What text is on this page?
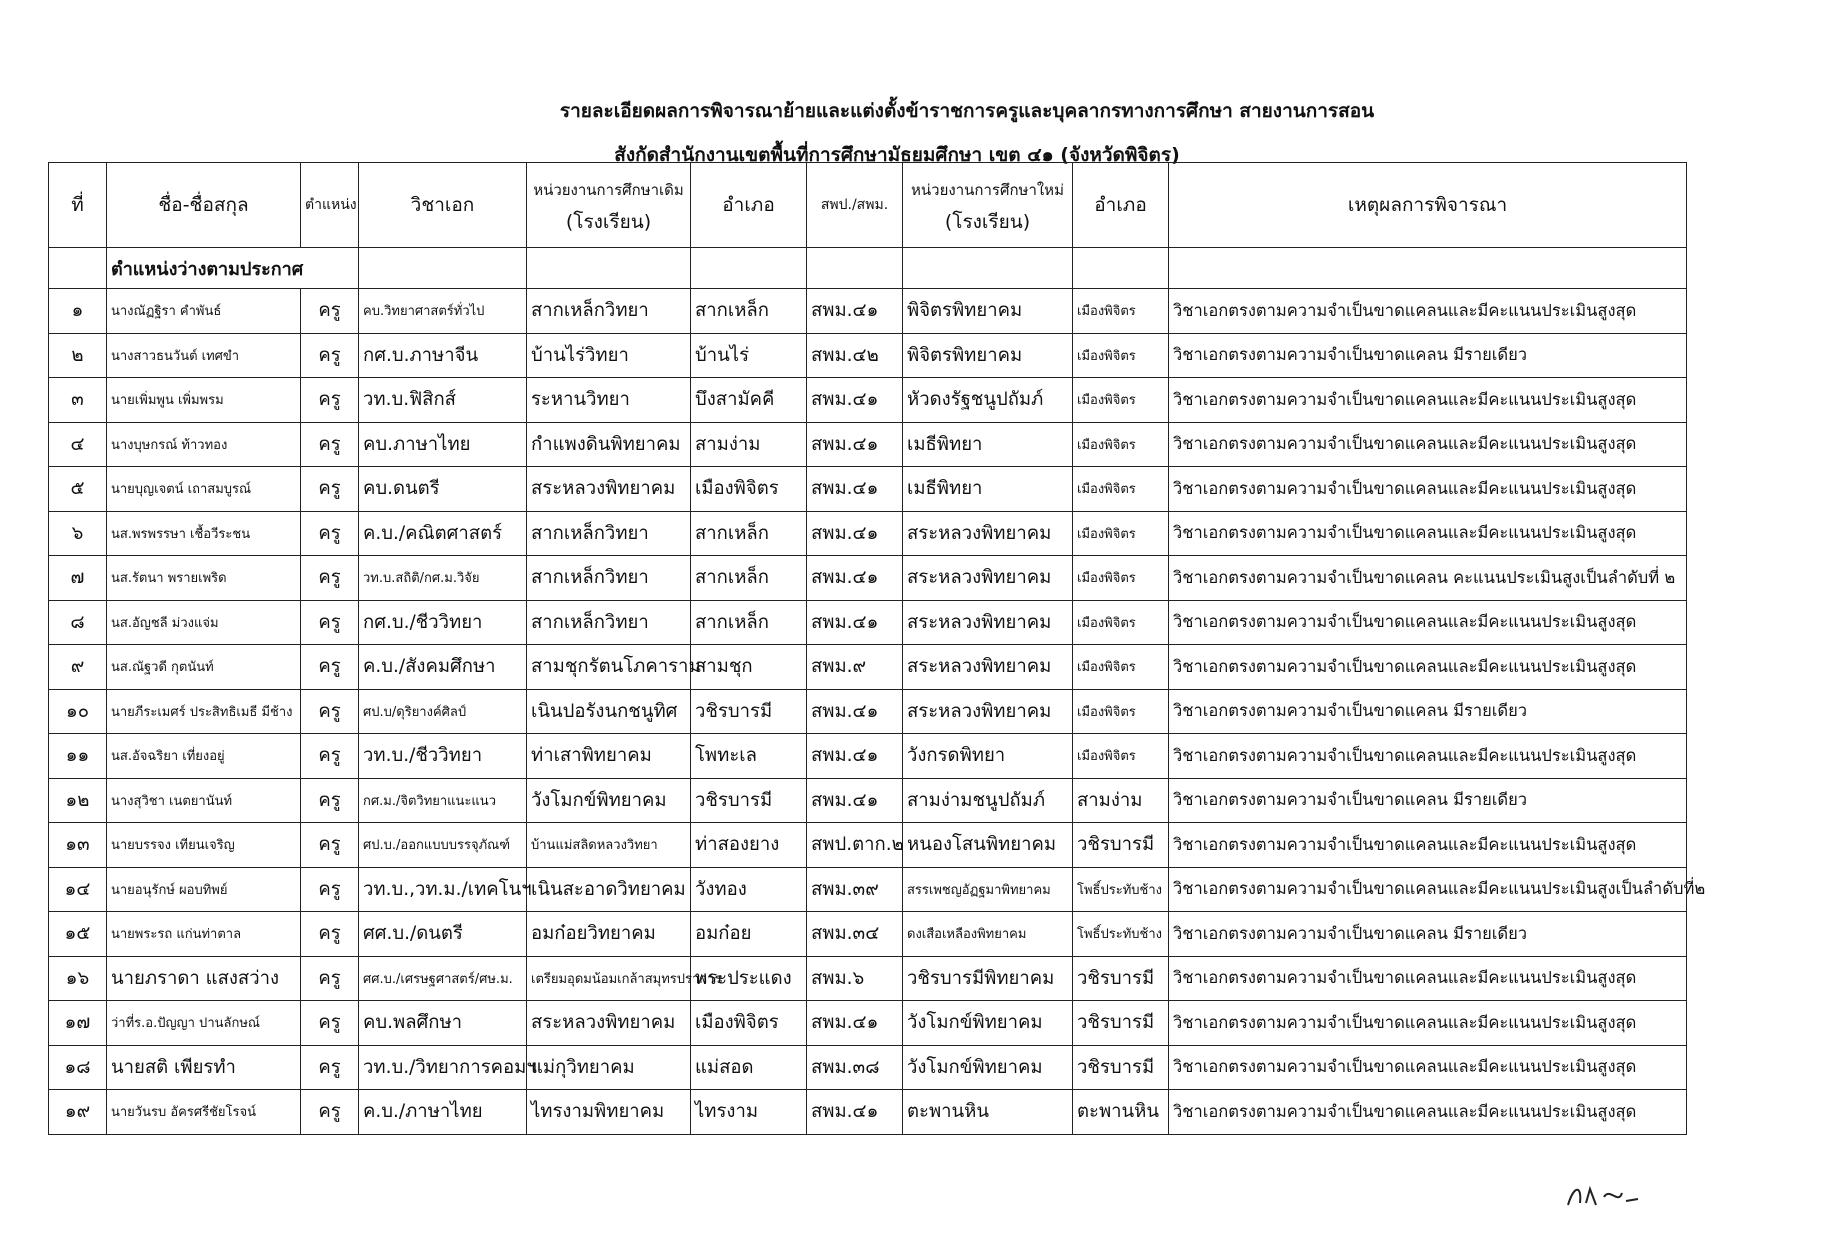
รายละเอียดผลการพิจารณาย้ายและแต่งตั้งข้าราชการครูและบุคลากรทางการศึกษา สายงานการสอน
สังกัดสำนักงานเขตพื้นที่การศึกษามัธยมศึกษา เขต ๔๑ (จังหวัดพิจิตร)
ที่	ชื่อ-ชื่อสกุล	ตำแหน่ง	วิชาเอก	หน่วยงานการศึกษาเดิม
(โรงเรียน)	อำเภอ	สพป./สพม.	หน่วยงานการศึกษาใหม่
(โรงเรียน)	อำเภอ	เหตุผลการพิจารณา
	ตำแหน่งว่างตามประกาศ								
๑	นางณัฏฐิรา คำพันธ์	ครู	คบ.วิทยาศาสตร์ทั่วไป	สากเหล็กวิทยา	สากเหล็ก	สพม.๔๑	พิจิตรพิทยาคม	เมืองพิจิตร	วิชาเอกตรงตามความจำเป็นขาดแคลนและมีคะแนนประเมินสูงสุด
๒	นางสาวธนวันต์ เทศขำ	ครู	กศ.บ.ภาษาจีน	บ้านไร่วิทยา	บ้านไร่	สพม.๔๒	พิจิตรพิทยาคม	เมืองพิจิตร	วิชาเอกตรงตามความจำเป็นขาดแคลน มีรายเดียว
๓	นายเพิ่มพูน เพิ่มพรม	ครู	วท.บ.ฟิสิกส์	ระหานวิทยา	บึงสามัคคี	สพม.๔๑	หัวดงรัฐชนูปถัมภ์	เมืองพิจิตร	วิชาเอกตรงตามความจำเป็นขาดแคลนและมีคะแนนประเมินสูงสุด
๔	นางบุษกรณ์ ท้าวทอง	ครู	คบ.ภาษาไทย	กำแพงดินพิทยาคม	สามง่าม	สพม.๔๑	เมธีพิทยา	เมืองพิจิตร	วิชาเอกตรงตามความจำเป็นขาดแคลนและมีคะแนนประเมินสูงสุด
๕	นายบุญเจตน์ เถาสมบูรณ์	ครู	คบ.ดนตรี	สระหลวงพิทยาคม	เมืองพิจิตร	สพม.๔๑	เมธีพิทยา	เมืองพิจิตร	วิชาเอกตรงตามความจำเป็นขาดแคลนและมีคะแนนประเมินสูงสุด
๖	นส.พรพรรษา เชื้อวีระชน	ครู	ค.บ./คณิตศาสตร์	สากเหล็กวิทยา	สากเหล็ก	สพม.๔๑	สระหลวงพิทยาคม	เมืองพิจิตร	วิชาเอกตรงตามความจำเป็นขาดแคลนและมีคะแนนประเมินสูงสุด
๗	นส.รัตนา พรายเพริด	ครู	วท.บ.สถิติ/กศ.ม.วิจัย	สากเหล็กวิทยา	สากเหล็ก	สพม.๔๑	สระหลวงพิทยาคม	เมืองพิจิตร	วิชาเอกตรงตามความจำเป็นขาดแคลน คะแนนประเมินสูงเป็นลำดับที่ ๒
๘	นส.อัญชลี ม่วงแจ่ม	ครู	กศ.บ./ชีววิทยา	สากเหล็กวิทยา	สากเหล็ก	สพม.๔๑	สระหลวงพิทยาคม	เมืองพิจิตร	วิชาเอกตรงตามความจำเป็นขาดแคลนและมีคะแนนประเมินสูงสุด
๙	นส.ณัฐวดี กุตนันท์	ครู	ค.บ./สังคมศึกษา	สามชุกรัตนโภคาราม	สามชุก	สพม.๙	สระหลวงพิทยาคม	เมืองพิจิตร	วิชาเอกตรงตามความจำเป็นขาดแคลนและมีคะแนนประเมินสูงสุด
๑๐	นายภีระเมศร์ ประสิทธิเมธี มีช้าง	ครู	ศป.บ/ดุริยางค์ศิลป์	เนินปอรังนกชนูทิศ	วชิรบารมี	สพม.๔๑	สระหลวงพิทยาคม	เมืองพิจิตร	วิชาเอกตรงตามความจำเป็นขาดแคลน มีรายเดียว
๑๑	นส.อัจฉริยา เที่ยงอยู่	ครู	วท.บ./ชีววิทยา	ท่าเสาพิทยาคม	โพทะเล	สพม.๔๑	วังกรดพิทยา	เมืองพิจิตร	วิชาเอกตรงตามความจำเป็นขาดแคลนและมีคะแนนประเมินสูงสุด
๑๒	นางสุวิชา เนตยานันท์	ครู	กศ.ม./จิตวิทยาแนะแนว	วังโมกข์พิทยาคม	วชิรบารมี	สพม.๔๑	สามง่ามชนูปถัมภ์	สามง่าม	วิชาเอกตรงตามความจำเป็นขาดแคลน มีรายเดียว
๑๓	นายบรรจง เทียนเจริญ	ครู	ศป.บ./ออกแบบบรรจุภัณฑ์	บ้านแม่สลิดหลวงวิทยา	ท่าสองยาง	สพป.ตาก.๒	หนองโสนพิทยาคม	วชิรบารมี	วิชาเอกตรงตามความจำเป็นขาดแคลนและมีคะแนนประเมินสูงสุด
๑๔	นายอนุรักษ์ ผอบทิพย์	ครู	วท.บ.,วท.ม./เทคโนฯ	เนินสะอาดวิทยาคม	วังทอง	สพม.๓๙	สรรเพชญอัฏฐมาพิทยาคม	โพธิ์ประทับช้าง	วิชาเอกตรงตามความจำเป็นขาดแคลนและมีคะแนนประเมินสูงเป็นลำดับที่๒
๑๕	นายพระรถ แก่นท่าตาล	ครู	ศศ.บ./ดนตรี	อมก๋อยวิทยาคม	อมก๋อย	สพม.๓๔	ดงเสือเหลืองพิทยาคม	โพธิ์ประทับช้าง	วิชาเอกตรงตามความจำเป็นขาดแคลน มีรายเดียว
๑๖	นายภราดา แสงสว่าง	ครู	ศศ.บ./เศรษฐศาสตร์/ศษ.ม.	เตรียมอุดมน้อมเกล้าสมุทรปราการ	พระประแดง	สพม.๖	วชิรบารมีพิทยาคม	วชิรบารมี	วิชาเอกตรงตามความจำเป็นขาดแคลนและมีคะแนนประเมินสูงสุด
๑๗	ว่าที่ร.อ.ปัญญา ปานลักษณ์	ครู	คบ.พลศึกษา	สระหลวงพิทยาคม	เมืองพิจิตร	สพม.๔๑	วังโมกข์พิทยาคม	วชิรบารมี	วิชาเอกตรงตามความจำเป็นขาดแคลนและมีคะแนนประเมินสูงสุด
๑๘	นายสติ เพียรทำ	ครู	วท.บ./วิทยาการคอมฯ	แม่กุวิทยาคม	แม่สอด	สพม.๓๘	วังโมกข์พิทยาคม	วชิรบารมี	วิชาเอกตรงตามความจำเป็นขาดแคลนและมีคะแนนประเมินสูงสุด
๑๙	นายวันรบ อัครศรีชัยโรจน์	ครู	ค.บ./ภาษาไทย	ไทรงามพิทยาคม	ไทรงาม	สพม.๔๑	ตะพานหิน	ตะพานหิน	วิชาเอกตรงตามความจำเป็นขาดแคลนและมีคะแนนประเมินสูงสุด
